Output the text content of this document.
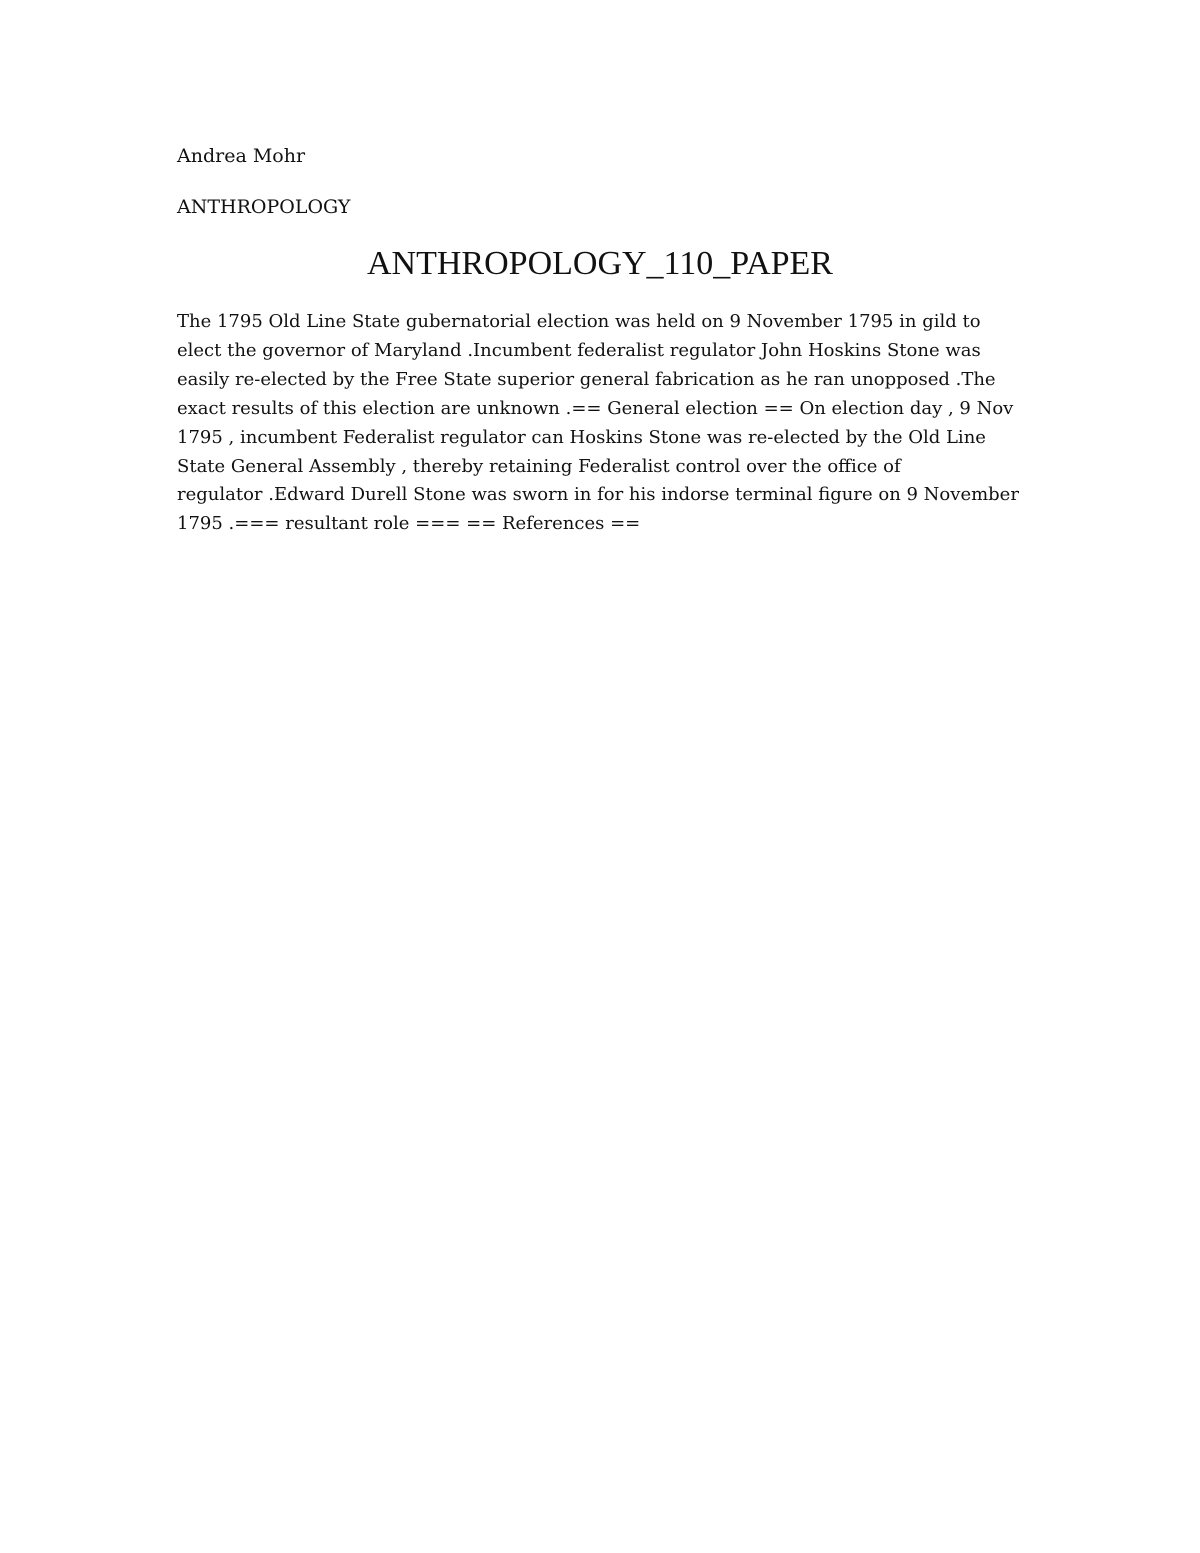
Andrea Mohr
ANTHROPOLOGY
ANTHROPOLOGY_110_PAPER

The 1795 Old Line State gubernatorial election was held on 9 November 1795 in gild to
elect the governor of Maryland .Incumbent federalist regulator John Hoskins Stone was
easily re-elected by the Free State superior general fabrication as he ran unopposed .The
exact results of this election are unknown .== General election == On election day , 9 Nov
1795 , incumbent Federalist regulator can Hoskins Stone was re-elected by the Old Line
State General Assembly , thereby retaining Federalist control over the office of
regulator .Edward Durell Stone was sworn in for his indorse terminal figure on 9 November
1795 .=== resultant role === == References ==
